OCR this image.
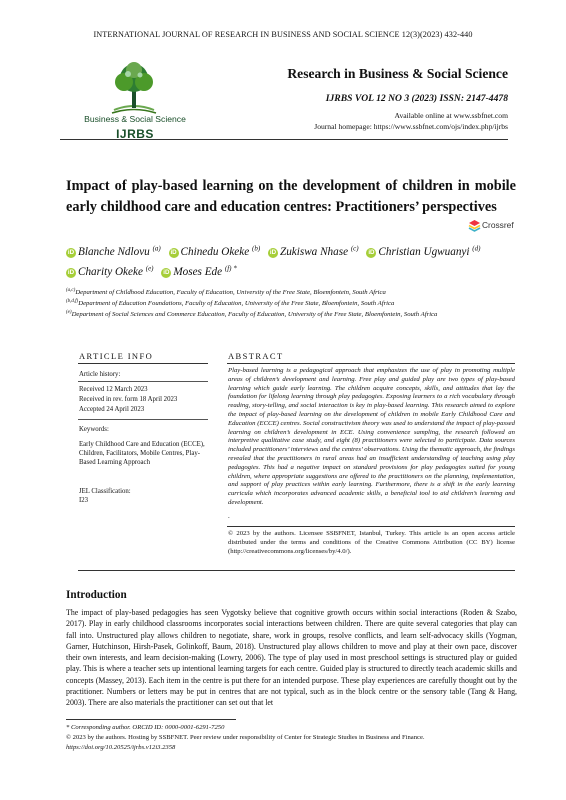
INTERNATIONAL JOURNAL OF RESEARCH IN BUSINESS AND SOCIAL SCIENCE 12(3)(2023) 432-440
Business & Social Science
IJRBS
Research in Business & Social Science
IJRBS VOL 12 NO 3 (2023) ISSN: 2147-4478
Available online at www.ssbfnet.com
Journal homepage: https://www.ssbfnet.com/ojs/index.php/ijrbs
Impact of play-based learning on the development of children in mobile early childhood care and education centres: Practitioners’ perspectives
Crossref
iD Blanche Ndlovu $^{(a)}$ iD Chinedu Okeke $^{(b)}$ iD Zukiswa Nhase $^{(c)}$ iD Christian Ugwuanyi $^{(d)}$
iD Charity Okeke $^{(e)}$ iD Moses Ede $^{(f) *}$
$^{(a,c)}$Department of Childhood Education, Faculty of Education, University of the Free State, Bloemfontein, South Africa
$^{(b,d,f)}$Department of Education Foundations, Faculty of Education, University of the Free State, Bloemfontein, South Africa
$^{(e)}$Department of Social Sciences and Commerce Education, Faculty of Education, University of the Free State, Bloemfontein, South Africa
ARTICLE INFO	ABSTRACT
Article history:
Received 12 March 2023
Received in rev. form 18 April 2023
Accepted 24 April 2023
Keywords:
Early Childhood Care and Education (ECCE), Children, Facilitators, Mobile Centres, Play-Based Learning Approach
JEL Classification:
I23
Play-based learning is a pedagogical approach that emphasizes the use of play in promoting multiple areas of children’s development and learning. Free play and guided play are two types of play-based learning which guide early learning. The children acquire concepts, skills, and attitudes that lay the foundation for lifelong learning through play pedagogies. Exposing learners to a rich vocabulary through reading, story-telling, and social interaction is key in play-based learning. This research aimed to explore the impact of play-based learning on the development of children in mobile Early Childhood Care and Education (ECCE) centres. Social constructivism theory was used to understand the impact of play-passed learning on children’s development in ECE. Using convenience sampling, the research followed an interpretive qualitative case study, and eight (8) practitioners were selected to participate. Data sources included practitioners’ interviews and the centres’ observations. Using the thematic approach, the findings revealed that the practitioners in rural areas had an insufficient understanding of teaching using play pedagogies. This had a negative impact on standard provisions for play pedagogies suited for young children, where appropriate suggestions are offered to the practitioners on the planning, implementation, and support of play practices within early learning. Furthermore, there is a shift in the early learning curricula which incorporates advanced academic skills, a beneficial tool to aid children’s learning and development.
.
© 2023 by the authors. Licensee SSBFNET, Istanbul, Turkey. This article is an open access article distributed under the terms and conditions of the Creative Commons Attribution (CC BY) license (http://creativecommons.org/licenses/by/4.0/).
Introduction
The impact of play-based pedagogies has seen Vygotsky believe that cognitive growth occurs within social interactions (Roden & Szabo, 2017). Play in early childhood classrooms incorporates social interactions between children. There are quite several categories that play can fall into. Unstructured play allows children to negotiate, share, work in groups, resolve conflicts, and learn self-advocacy skills (Yogman, Garner, Hutchinson, Hirsh-Pasek, Golinkoff, Baum, 2018). Unstructured play allows children to move and play at their own pace, discover their own interests, and learn decision-making (Lowry, 2006). The type of play used in most preschool settings is structured play or guided play. This is where a teacher sets up intentional learning targets for each centre. Guided play is structured to directly teach academic skills and concepts (Massey, 2013). Each item in the centre is put there for an intended purpose. These play experiences are carefully thought out by the practitioner. Numbers or letters may be put in centres that are not typical, such as in the block centre or the sensory table (Tang & Hang, 2003). There are also materials the practitioner can set out that let
* Corresponding author. ORCID ID: 0000-0001-6291-7250
© 2023 by the authors. Hosting by SSBFNET. Peer review under responsibility of Center for Strategic Studies in Business and Finance.
https://doi.org/10.20525/ijrbs.v12i3.2358
